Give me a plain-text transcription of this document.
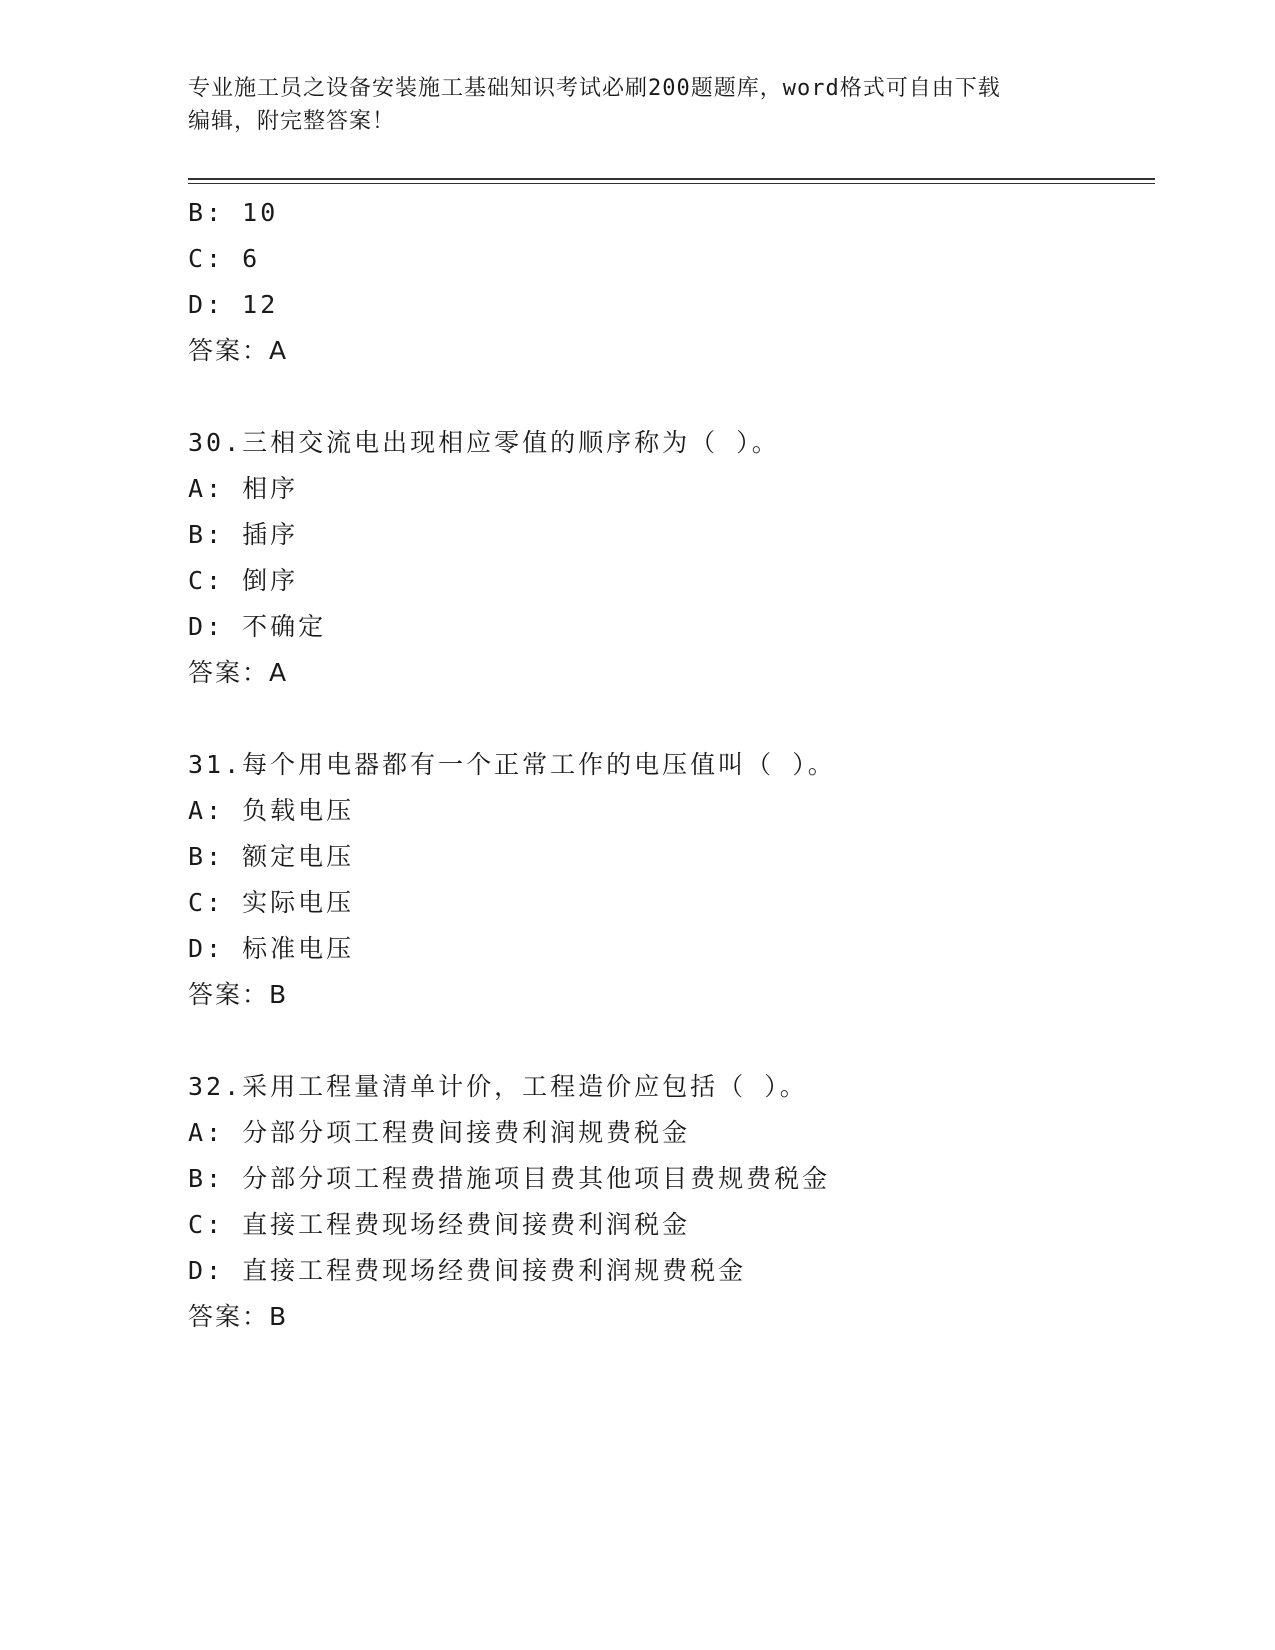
专业施工员之设备安装施工基础知识考试必刷200题题库，word格式可自由下载
编辑，附完整答案！
B: 10
C: 6
D: 12
答案：A
30.三相交流电出现相应零值的顺序称为（ ）。
A: 相序
B: 插序
C: 倒序
D: 不确定
答案：A
31.每个用电器都有一个正常工作的电压值叫（ ）。
A: 负载电压
B: 额定电压
C: 实际电压
D: 标准电压
答案：B
32.采用工程量清单计价，工程造价应包括（ ）。
A: 分部分项工程费间接费利润规费税金
B: 分部分项工程费措施项目费其他项目费规费税金
C: 直接工程费现场经费间接费利润税金
D: 直接工程费现场经费间接费利润规费税金
答案：B
